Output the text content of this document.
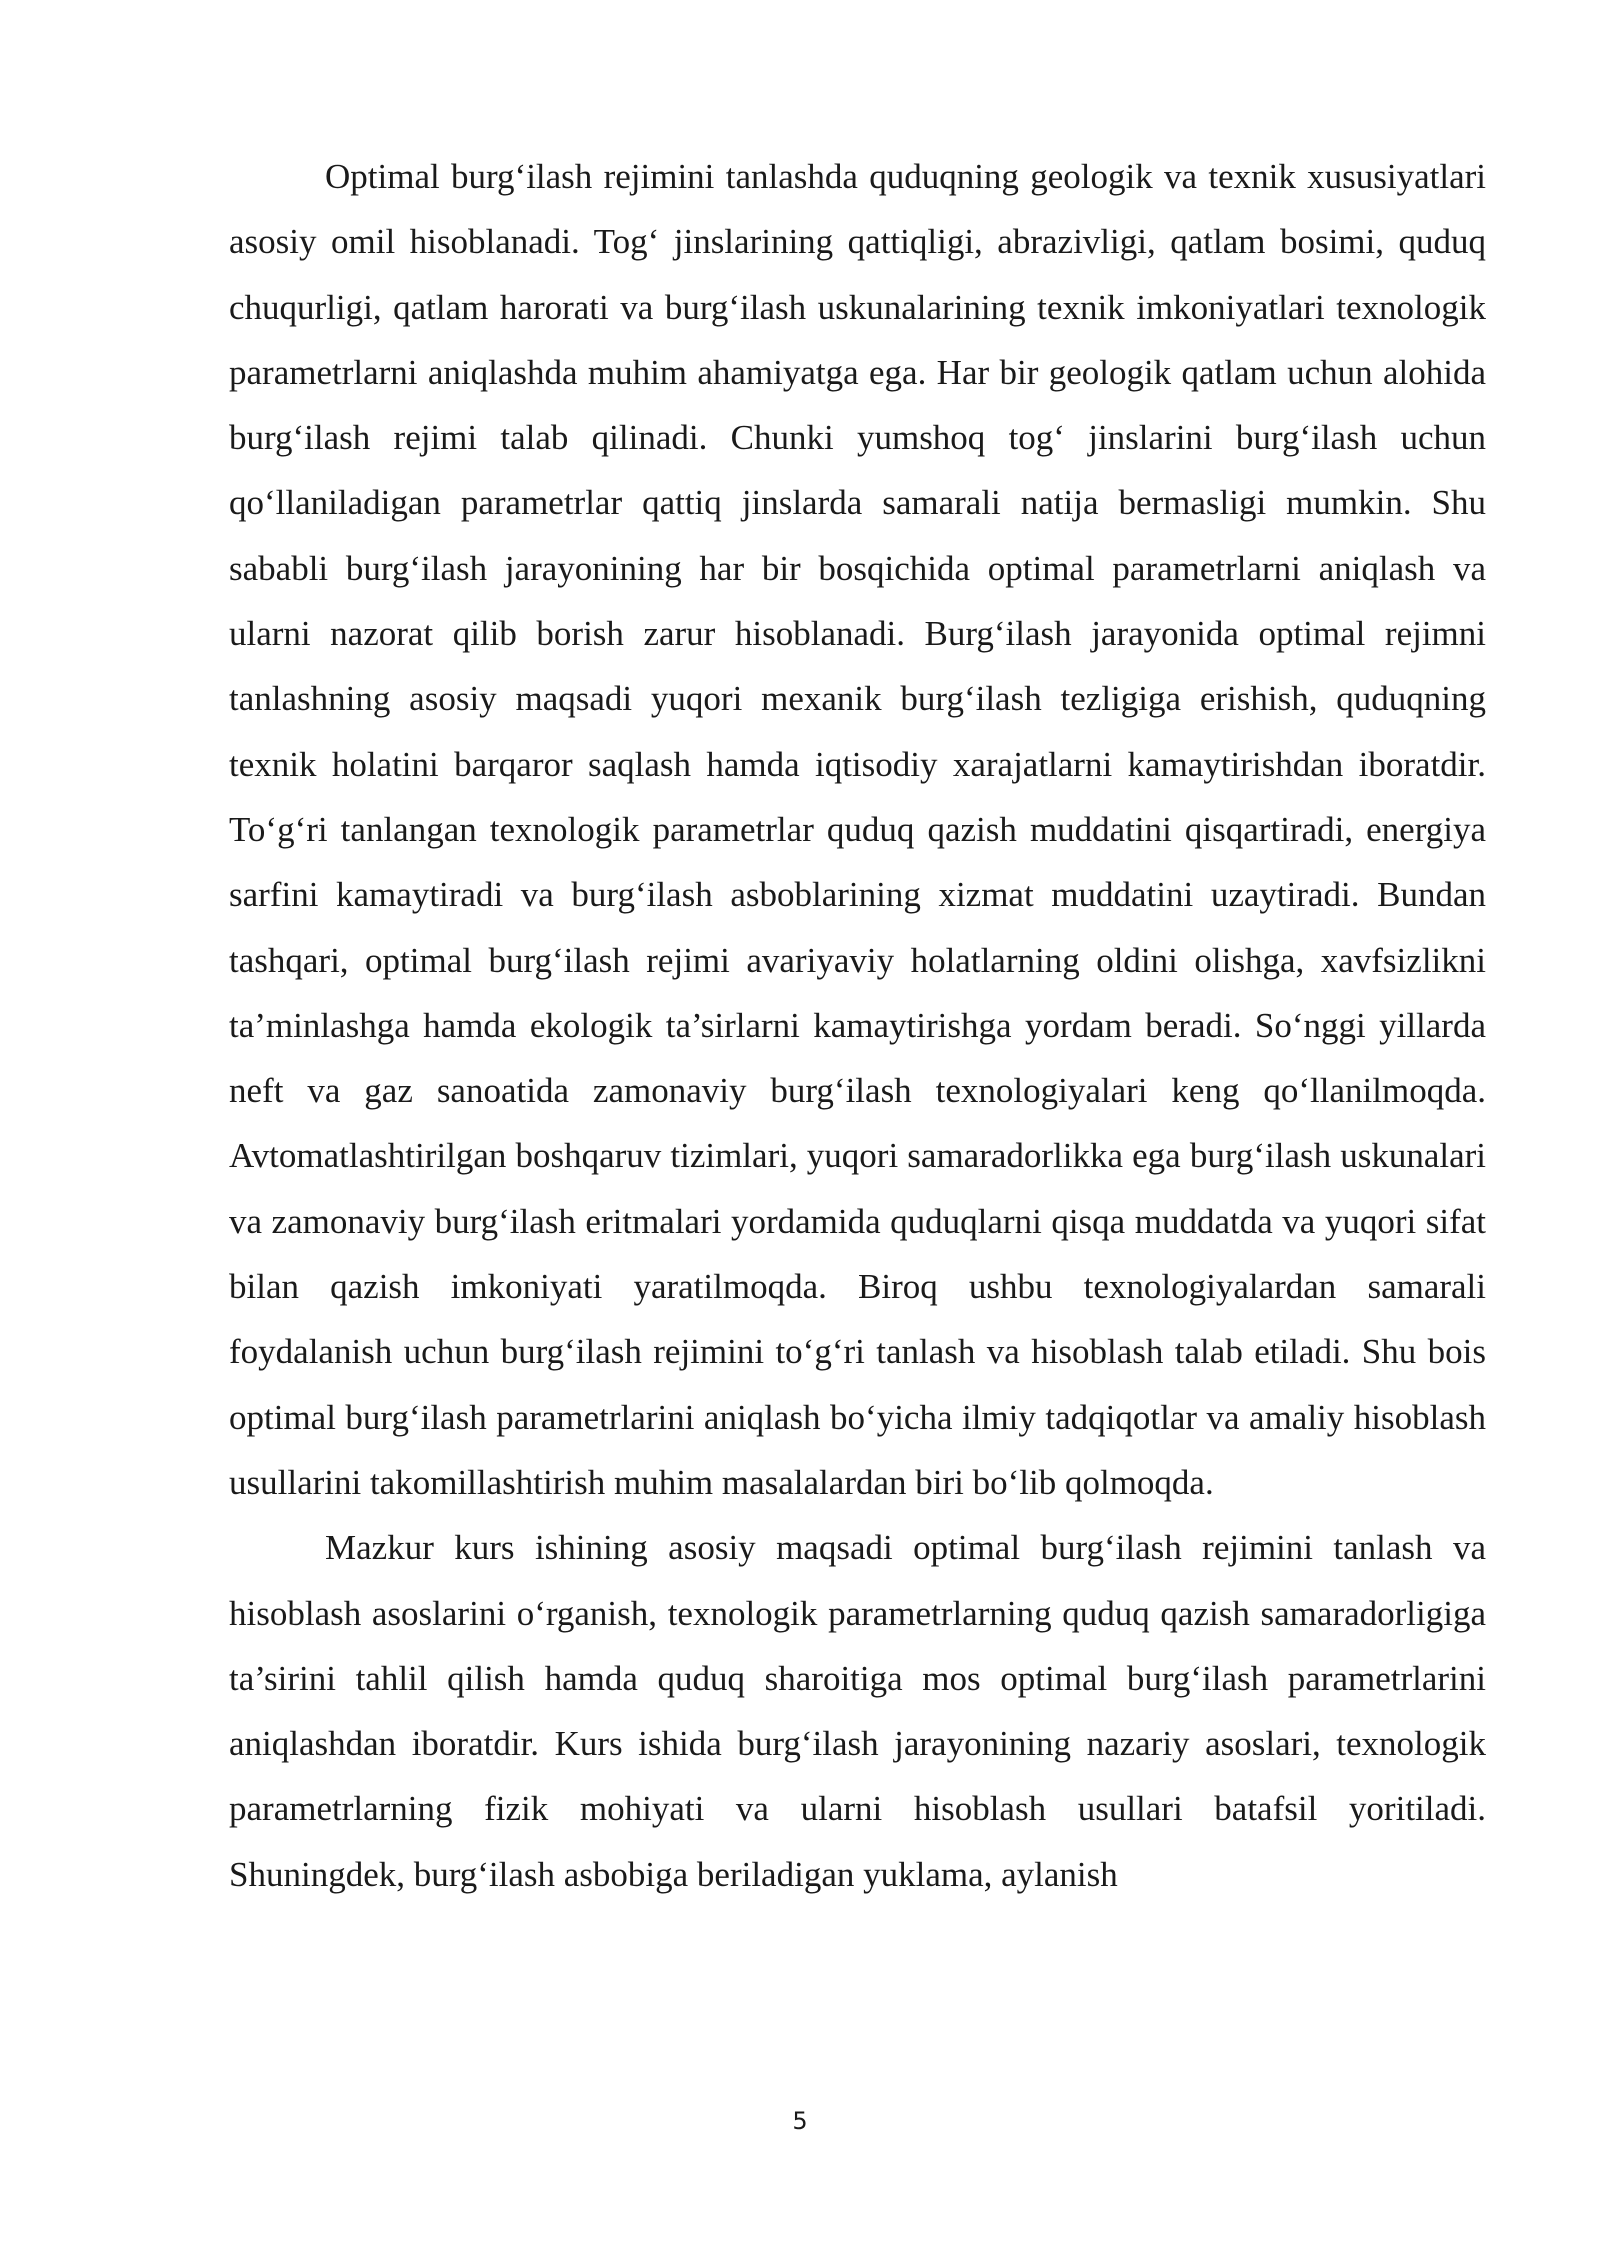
Optimal burg‘ilash rejimini tanlashda quduqning geologik va texnik xususiyatlari asosiy omil hisoblanadi. Tog‘ jinslarining qattiqligi, abrazivligi, qatlam bosimi, quduq chuqurligi, qatlam harorati va burg‘ilash uskunalarining texnik imkoniyatlari texnologik parametrlarni aniqlashda muhim ahamiyatga ega. Har bir geologik qatlam uchun alohida burg‘ilash rejimi talab qilinadi. Chunki yumshoq tog‘ jinslarini burg‘ilash uchun qo‘llaniladigan parametrlar qattiq jinslarda samarali natija bermasligi mumkin. Shu sababli burg‘ilash jarayonining har bir bosqichida optimal parametrlarni aniqlash va ularni nazorat qilib borish zarur hisoblanadi. Burg‘ilash jarayonida optimal rejimni tanlashning asosiy maqsadi yuqori mexanik burg‘ilash tezligiga erishish, quduqning texnik holatini barqaror saqlash hamda iqtisodiy xarajatlarni kamaytirishdan iboratdir. To‘g‘ri tanlangan texnologik parametrlar quduq qazish muddatini qisqartiradi, energiya sarfini kamaytiradi va burg‘ilash asboblarining xizmat muddatini uzaytiradi. Bundan tashqari, optimal burg‘ilash rejimi avariyaviy holatlarning oldini olishga, xavfsizlikni ta’minlashga hamda ekologik ta’sirlarni kamaytirishga yordam beradi. So‘nggi yillarda neft va gaz sanoatida zamonaviy burg‘ilash texnologiyalari keng qo‘llanilmoqda. Avtomatlashtirilgan boshqaruv tizimlari, yuqori samaradorlikka ega burg‘ilash uskunalari va zamonaviy burg‘ilash eritmalari yordamida quduqlarni qisqa muddatda va yuqori sifat bilan qazish imkoniyati yaratilmoqda. Biroq ushbu texnologiyalardan samarali foydalanish uchun burg‘ilash rejimini to‘g‘ri tanlash va hisoblash talab etiladi. Shu bois optimal burg‘ilash parametrlarini aniqlash bo‘yicha ilmiy tadqiqotlar va amaliy hisoblash usullarini takomillashtirish muhim masalalardan biri bo‘lib qolmoqda.

Mazkur kurs ishining asosiy maqsadi optimal burg‘ilash rejimini tanlash va hisoblash asoslarini o‘rganish, texnologik parametrlarning quduq qazish samaradorligiga ta’sirini tahlil qilish hamda quduq sharoitiga mos optimal burg‘ilash parametrlarini aniqlashdan iboratdir. Kurs ishida burg‘ilash jarayonining nazariy asoslari, texnologik parametrlarning fizik mohiyati va ularni hisoblash usullari batafsil yoritiladi. Shuningdek, burg‘ilash asbobiga beriladigan yuklama, aylanish

5
